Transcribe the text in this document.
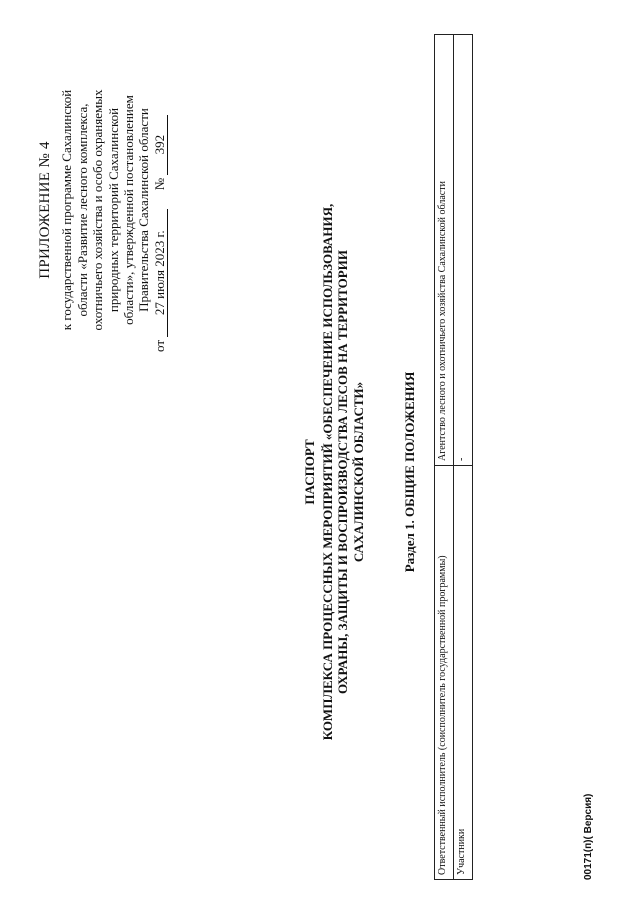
ПРИЛОЖЕНИЕ № 4 к государственной программе Сахалинской области «Развитие лесного комплекса, охотничьего хозяйства и особо охраняемых природных территорий Сахалинской области», утвержденной постановлением Правительства Сахалинской области
от 27 июля 2023 г.  № 392
ПАСПОРТ КОМПЛЕКСА ПРОЦЕССНЫХ МЕРОПРИЯТИЙ «ОБЕСПЕЧЕНИЕ ИСПОЛЬЗОВАНИЯ, ОХРАНЫ, ЗАЩИТЫ И ВОСПРОИЗВОДСТВА ЛЕСОВ НА ТЕРРИТОРИИ САХАЛИНСКОЙ ОБЛАСТИ»	Раздел 1. ОБЩИЕ ПОЛОЖЕНИЯ
Ответственный исполнитель (соисполнитель государственной программы)	Агентство лесного и охотничьего хозяйства Сахалинской области
Участники	-
00171(п)( Версия)
